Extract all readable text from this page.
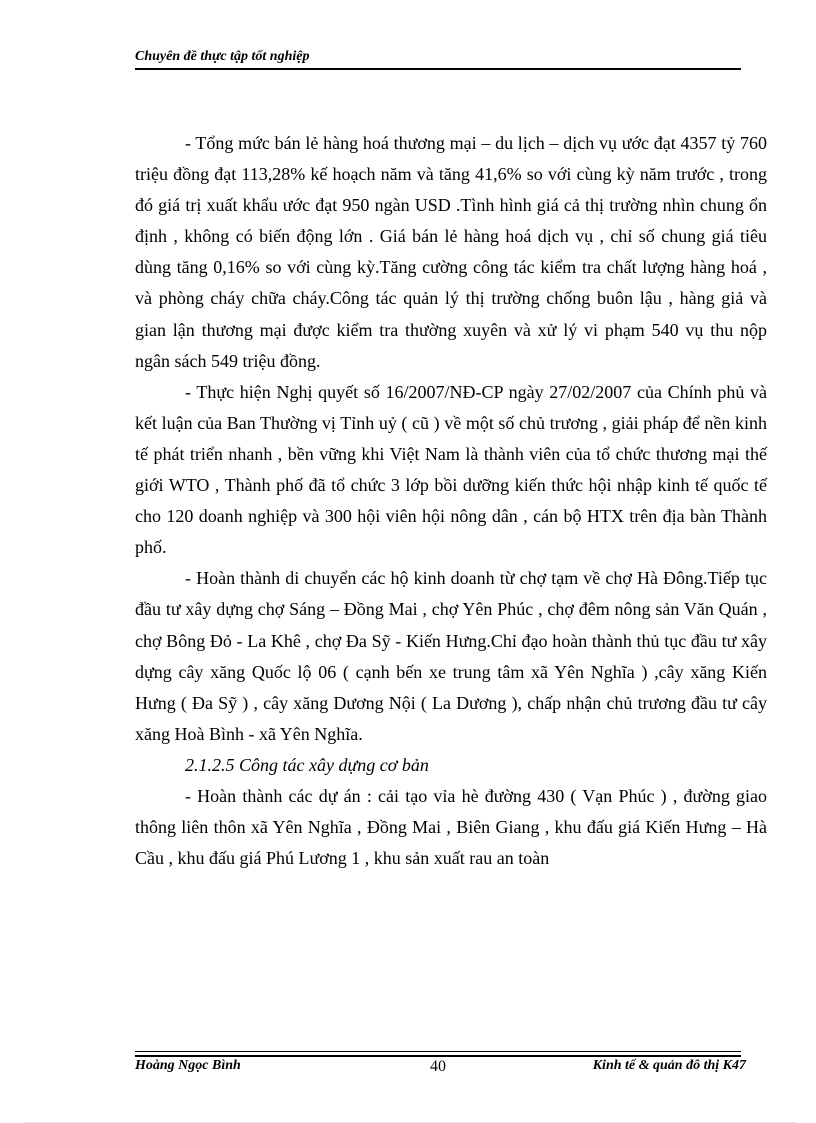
Chuyên đề thực tập tốt nghiệp

- Tổng mức bán lẻ hàng hoá thương mại – du lịch – dịch vụ ước đạt 4357 tỷ 760 triệu đồng đạt 113,28% kế hoạch năm và tăng 41,6% so với cùng kỳ năm trước , trong đó giá trị xuất khẩu ước đạt 950 ngàn USD .Tình hình giá cả thị trường nhìn chung ổn định , không có biến động lớn . Giá bán lẻ hàng hoá dịch vụ , chỉ số chung giá tiêu dùng tăng 0,16% so với cùng kỳ.Tăng cường công tác kiểm tra chất lượng hàng hoá , và phòng cháy chữa cháy.Công tác quản lý thị trường chống buôn lậu , hàng giả và gian lận thương mại được kiểm tra thường xuyên và xử lý vi phạm 540 vụ thu nộp ngân sách 549 triệu đồng.

- Thực hiện Nghị quyết số 16/2007/NĐ-CP ngày 27/02/2007 của Chính phủ và kết luận của Ban Thường vị Tỉnh uỷ ( cũ ) về một số chủ trương , giải pháp để nền kinh tế phát triển nhanh , bền vững khi Việt Nam là thành viên của tổ chức thương mại thế giới WTO , Thành phố đã tổ chức 3 lớp bồi dưỡng kiến thức hội nhập kinh tế quốc tế cho 120 doanh nghiệp và 300 hội viên hội nông dân , cán bộ HTX trên địa bàn Thành phố.

- Hoàn thành di chuyển các hộ kinh doanh từ chợ tạm về chợ Hà Đông.Tiếp tục đầu tư xây dựng chợ Sáng – Đồng Mai , chợ Yên Phúc , chợ đêm nông sản Văn Quán , chợ Bông Đỏ - La Khê , chợ Đa Sỹ - Kiến Hưng.Chỉ đạo hoàn thành thủ tục đầu tư xây dựng cây xăng Quốc lộ 06 ( cạnh bến xe trung tâm xã Yên Nghĩa ) ,cây xăng Kiến Hưng ( Đa Sỹ ) , cây xăng Dương Nội ( La Dương ), chấp nhận chủ trương đầu tư cây xăng Hoà Bình - xã Yên Nghĩa.

2.1.2.5 Công tác xây dựng cơ bản

- Hoàn thành các dự án : cải tạo vỉa hè đường 430 ( Vạn Phúc ) , đường giao thông liên thôn xã Yên Nghĩa , Đồng Mai , Biên Giang , khu đấu giá Kiến Hưng – Hà Cầu , khu đấu giá Phú Lương 1 , khu sản xuất rau an toàn

Hoàng Ngọc Bình	40	Kinh tế & quản đô thị K47
